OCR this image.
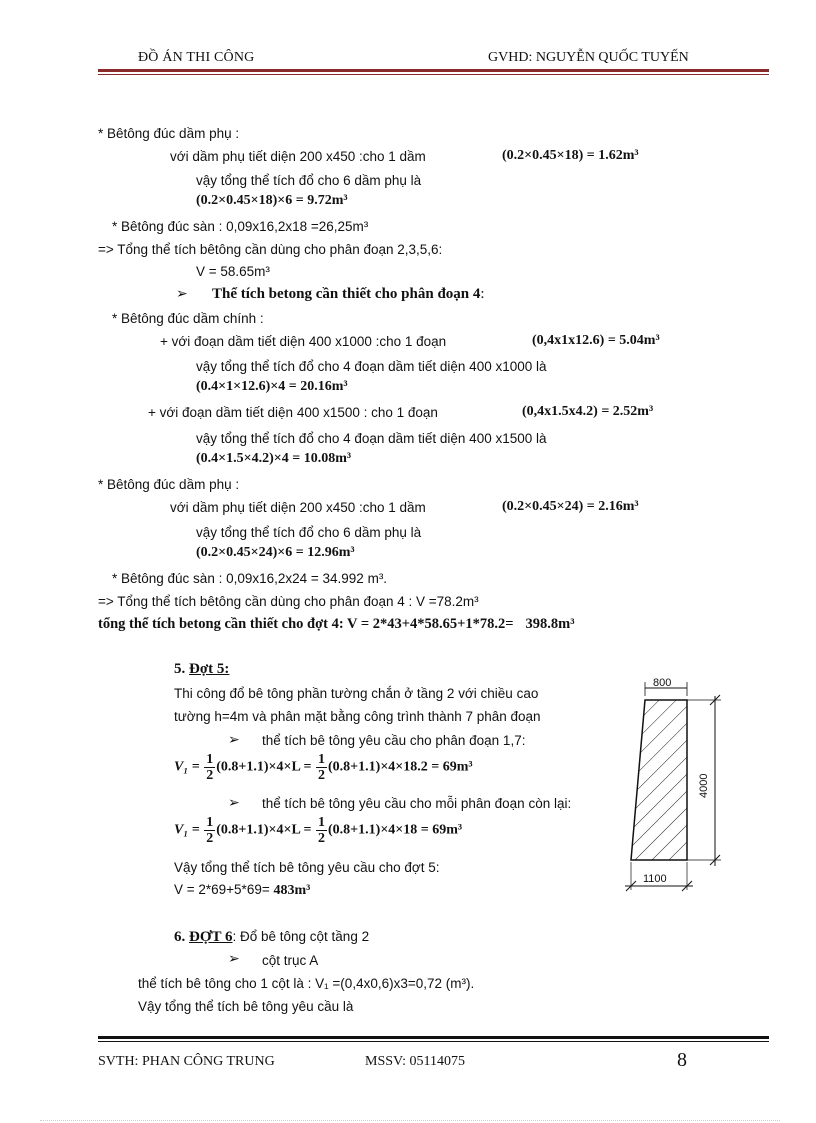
ĐỒ ÁN THI CÔNG	GVHD: NGUYỄN QUỐC TUYẾN
* Bêtông đúc dầm phụ :
với dầm phụ tiết diện 200 x450 :cho 1 dầm	(0.2×0.45×18) = 1.62m³
vậy tổng thể tích đổ cho 6 dầm phụ là
(0.2×0.45×18)×6 = 9.72m³
* Bêtông đúc sàn : 0,09x16,2x18 =26,25m³
=> Tổng thể tích bêtông cần dùng cho phân đoạn 2,3,5,6:
V = 58.65m³
➢ Thể tích betong cần thiết cho phân đoạn 4:
* Bêtông đúc dầm chính :
+ với đoạn dầm tiết diện 400 x1000 :cho 1 đoạn	(0,4x1x12.6) = 5.04m³
vậy tổng thể tích đổ cho 4 đoạn dầm tiết diện 400 x1000 là
(0.4×1×12.6)×4 = 20.16m³
+ với đoạn dầm tiết diện 400 x1500 : cho 1 đoạn	(0,4x1.5x4.2) = 2.52m³
vậy tổng thể tích đổ cho 4 đoạn dầm tiết diện 400 x1500 là
(0.4×1.5×4.2)×4 = 10.08m³
* Bêtông đúc dầm phụ :
với dầm phụ tiết diện 200 x450 :cho 1 dầm	(0.2×0.45×24) = 2.16m³
vậy tổng thể tích đổ cho 6 dầm phụ là
(0.2×0.45×24)×6 = 12.96m³
* Bêtông đúc sàn : 0,09x16,2x24 = 34.992 m³.
=> Tổng thể tích bêtông cần dùng cho phân đoạn 4 : V =78.2m³
tổng thể tích betong cần thiết cho đợt 4: V = 2*43+4*58.65+1*78.2= 398.8m³
5. Đợt 5:
Thi công đổ bê tông phần tường chắn ở tầng 2 với chiều cao
tường h=4m và phân mặt bằng công trình thành 7 phân đoạn
➢ thể tích bê tông yêu cầu cho phân đoạn 1,7:
$V_1 = \frac{1}{2} (0.8+1.1)\times 4\times L = \frac{1}{2} (0.8+1.1)\times 4\times 18.2 = 69m^3$
➢ thể tích bê tông yêu cầu cho mỗi phân đoạn còn lại:
$V_1 = \frac{1}{2} (0.8+1.1)\times 4\times L = \frac{1}{2} (0.8+1.1)\times 4\times 18 = 69m^3$
Vậy tổng thể tích bê tông yêu cầu cho đợt 5:
V = 2*69+5*69= 483m³
800
4000
1100
6. ĐỢT 6: Đổ bê tông cột tầng 2
➢ cột trục A
thể tích bê tông cho 1 cột là : V₁ =(0,4x0,6)x3=0,72 (m³).
Vậy tổng thể tích bê tông yêu cầu là
SVTH: PHAN CÔNG TRUNG	MSSV: 05114075	8
